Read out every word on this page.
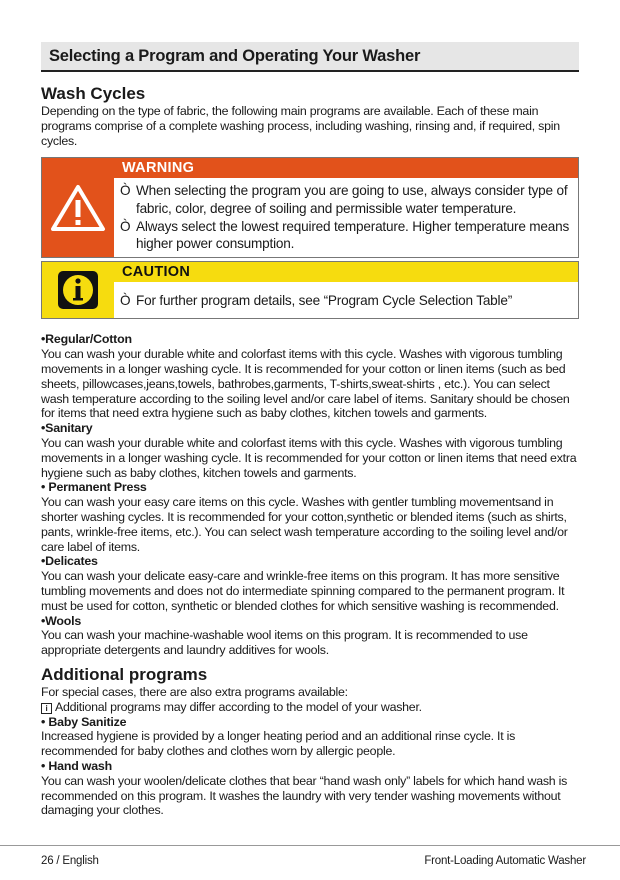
Selecting a Program and Operating Your Washer
Wash Cycles

Depending on the type of fabric, the following main programs are available. Each of these main programs comprise of a complete washing process, including washing, rinsing and, if required, spin cycles.

WARNING
Ò When selecting the program you are going to use, always consider type of fabric, color, degree of soiling and permissible water temperature.
Ò Always select the lowest required temperature. Higher temperature means higher power consumption.
CAUTION
Ò For further program details, see “Program Cycle Selection Table”
•Regular/Cotton

You can wash your durable white and colorfast items with this cycle. Washes with vigorous tumbling movements in a longer washing cycle. It is recommended for your cotton or linen items (such as bed sheets, pillowcases,jeans,towels, bathrobes,garments, T-shirts,sweat-shirts , etc.). You can select wash temperature according to the soiling level and/or care label of items. Sanitary should be chosen for items that need extra hygiene such as baby clothes, kitchen towels and garments.

•Sanitary

You can wash your durable white and colorfast items with this cycle. Washes with vigorous tumbling movements in a longer washing cycle. It is recommended for your cotton or linen items that need extra hygiene such as baby clothes, kitchen towels and garments.

• Permanent Press

You can wash your easy care items on this cycle. Washes with gentler tumbling movementsand in shorter washing cycles. It is recommended for your cotton,synthetic or blended items (such as shirts, pants, wrinkle-free items, etc.). You can select wash temperature according to the soiling level and/or care label of items.

•Delicates

You can wash your delicate easy-care and wrinkle-free items on this program. It has more sensitive tumbling movements and does not do intermediate spinning compared to the permanent program. It must be used for cotton, synthetic or blended clothes for which sensitive washing is recommended.

•Wools

You can wash your machine-washable wool items on this program. It is recommended to use appropriate detergents and laundry additives for wools.

Additional programs

For special cases, there are also extra programs available:

i Additional programs may differ according to the model of your washer.

• Baby Sanitize

Increased hygiene is provided by a longer heating period and an additional rinse cycle. It is recommended for baby clothes and clothes worn by allergic people.

• Hand wash

You can wash your woolen/delicate clothes that bear “hand wash only” labels for which hand wash is recommended on this program. It washes the laundry with very tender washing movements without damaging your clothes.

26 / English	Front-Loading Automatic Washer
